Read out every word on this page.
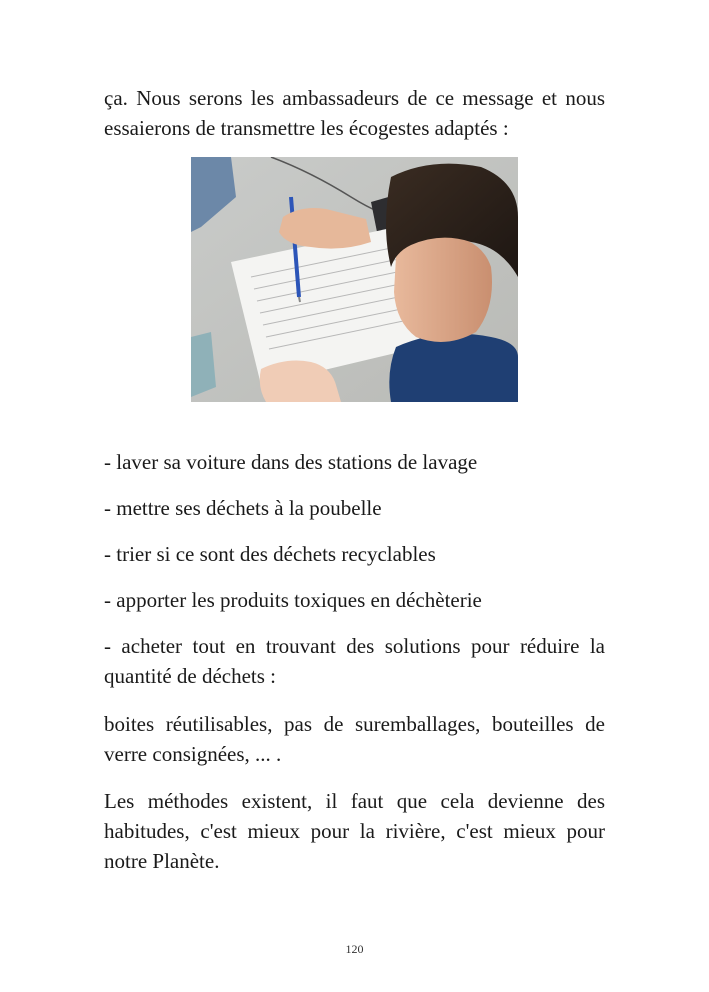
ça. Nous serons les ambassadeurs de ce message et nous essaierons de transmettre les écogestes adaptés :

- laver sa voiture dans des stations de lavage
- mettre ses déchets à la poubelle
- trier si ce sont des déchets recyclables
- apporter les produits toxiques en déchèterie
- acheter tout en trouvant des solutions pour réduire la quantité de déchets :

boites réutilisables, pas de suremballages, bouteilles de verre consignées, ... .

Les méthodes existent, il faut que cela devienne des habitudes, c'est mieux pour la rivière, c'est mieux pour notre Planète.

120
